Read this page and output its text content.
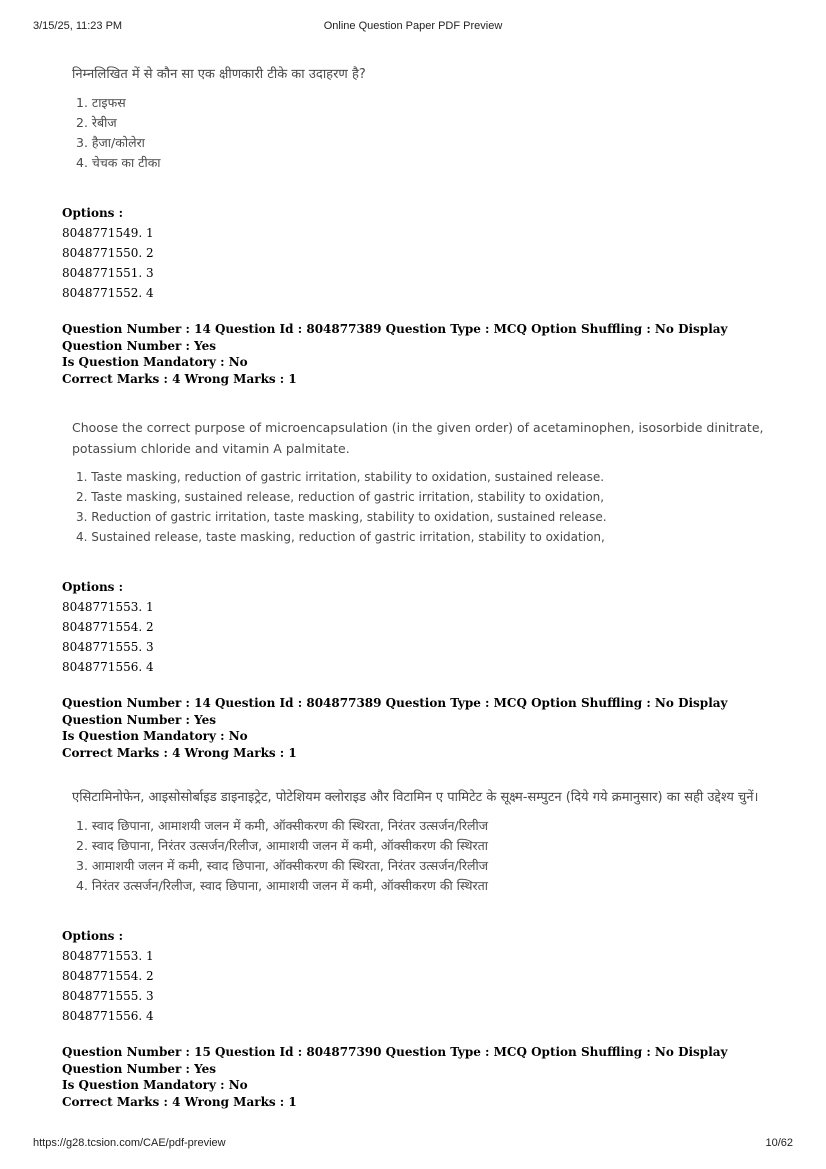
3/15/25, 11:23 PM	Online Question Paper PDF Preview
निम्नलिखित में से कौन सा एक क्षीणकारी टीके का उदाहरण है?
1. टाइफस
2. रेबीज
3. हैजा/कोलेरा
4. चेचक का टीका
Options :
8048771549. 1
8048771550. 2
8048771551. 3
8048771552. 4
Question Number : 14 Question Id : 804877389 Question Type : MCQ Option Shuffling : No Display Question Number : Yes
Is Question Mandatory : No
Correct Marks : 4 Wrong Marks : 1
Choose the correct purpose of microencapsulation (in the given order) of acetaminophen, isosorbide dinitrate, potassium chloride and vitamin A palmitate.
1. Taste masking, reduction of gastric irritation, stability to oxidation, sustained release.
2. Taste masking, sustained release, reduction of gastric irritation, stability to oxidation,
3. Reduction of gastric irritation, taste masking, stability to oxidation, sustained release.
4. Sustained release, taste masking, reduction of gastric irritation, stability to oxidation,
Options :
8048771553. 1
8048771554. 2
8048771555. 3
8048771556. 4
Question Number : 14 Question Id : 804877389 Question Type : MCQ Option Shuffling : No Display Question Number : Yes
Is Question Mandatory : No
Correct Marks : 4 Wrong Marks : 1
एसिटामिनोफेन, आइसोसोर्बाइड डाइनाइट्रेट, पोटेशियम क्लोराइड और विटामिन ए पामिटेट के सूक्ष्म-सम्पुटन (दिये गये क्रमानुसार) का सही उद्देश्य चुनें।
1. स्वाद छिपाना, आमाशयी जलन में कमी, ऑक्सीकरण की स्थिरता, निरंतर उत्सर्जन/रिलीज
2. स्वाद छिपाना, निरंतर उत्सर्जन/रिलीज, आमाशयी जलन में कमी, ऑक्सीकरण की स्थिरता
3. आमाशयी जलन में कमी, स्वाद छिपाना, ऑक्सीकरण की स्थिरता, निरंतर उत्सर्जन/रिलीज
4. निरंतर उत्सर्जन/रिलीज, स्वाद छिपाना, आमाशयी जलन में कमी, ऑक्सीकरण की स्थिरता
Options :
8048771553. 1
8048771554. 2
8048771555. 3
8048771556. 4
Question Number : 15 Question Id : 804877390 Question Type : MCQ Option Shuffling : No Display Question Number : Yes
Is Question Mandatory : No
Correct Marks : 4 Wrong Marks : 1
https://g28.tcsion.com/CAE/pdf-preview	10/62
